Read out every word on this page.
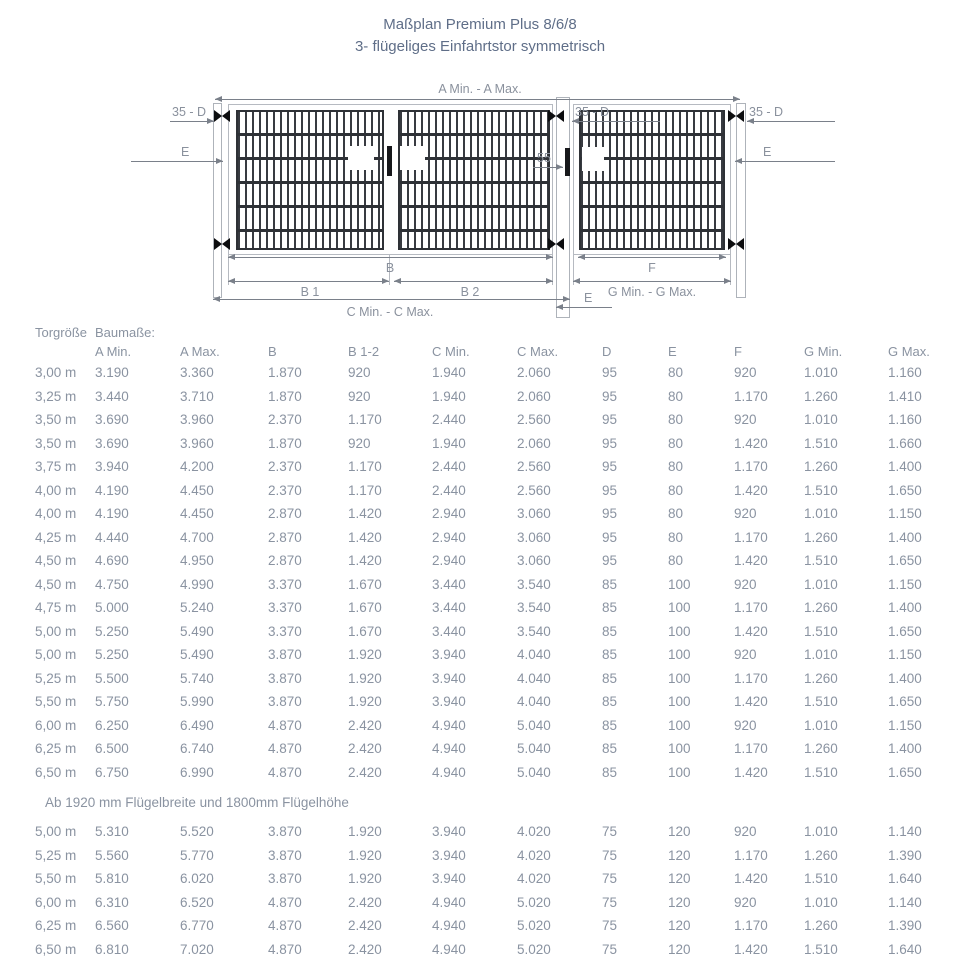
Maßplan Premium Plus 8/6/8
3- flügeliges Einfahrtstor symmetrisch
A Min. - A Max.
35 - D	35 - D	35 - D
E	E
55
B
B 1	B 2
F
G Min. - G Max.
C Min. - C Max.
E
Torgröße	Baumaße:										
	A Min.	A Max.	B	B 1-2	C Min.	C Max.	D	E	F	G Min.	G Max.
3,00 m	3.190	3.360	1.870	920	1.940	2.060	95	80	920	1.010	1.160
3,25 m	3.440	3.710	1.870	920	1.940	2.060	95	80	1.170	1.260	1.410
3,50 m	3.690	3.960	2.370	1.170	2.440	2.560	95	80	920	1.010	1.160
3,50 m	3.690	3.960	1.870	920	1.940	2.060	95	80	1.420	1.510	1.660
3,75 m	3.940	4.200	2.370	1.170	2.440	2.560	95	80	1.170	1.260	1.400
4,00 m	4.190	4.450	2.370	1.170	2.440	2.560	95	80	1.420	1.510	1.650
4,00 m	4.190	4.450	2.870	1.420	2.940	3.060	95	80	920	1.010	1.150
4,25 m	4.440	4.700	2.870	1.420	2.940	3.060	95	80	1.170	1.260	1.400
4,50 m	4.690	4.950	2.870	1.420	2.940	3.060	95	80	1.420	1.510	1.650
4,50 m	4.750	4.990	3.370	1.670	3.440	3.540	85	100	920	1.010	1.150
4,75 m	5.000	5.240	3.370	1.670	3.440	3.540	85	100	1.170	1.260	1.400
5,00 m	5.250	5.490	3.370	1.670	3.440	3.540	85	100	1.420	1.510	1.650
5,00 m	5.250	5.490	3.870	1.920	3.940	4.040	85	100	920	1.010	1.150
5,25 m	5.500	5.740	3.870	1.920	3.940	4.040	85	100	1.170	1.260	1.400
5,50 m	5.750	5.990	3.870	1.920	3.940	4.040	85	100	1.420	1.510	1.650
6,00 m	6.250	6.490	4.870	2.420	4.940	5.040	85	100	920	1.010	1.150
6,25 m	6.500	6.740	4.870	2.420	4.940	5.040	85	100	1.170	1.260	1.400
6,50 m	6.750	6.990	4.870	2.420	4.940	5.040	85	100	1.420	1.510	1.650
Ab 1920 mm Flügelbreite und 1800mm Flügelhöhe											
5,00 m	5.310	5.520	3.870	1.920	3.940	4.020	75	120	920	1.010	1.140
5,25 m	5.560	5.770	3.870	1.920	3.940	4.020	75	120	1.170	1.260	1.390
5,50 m	5.810	6.020	3.870	1.920	3.940	4.020	75	120	1.420	1.510	1.640
6,00 m	6.310	6.520	4.870	2.420	4.940	5.020	75	120	920	1.010	1.140
6,25 m	6.560	6.770	4.870	2.420	4.940	5.020	75	120	1.170	1.260	1.390
6,50 m	6.810	7.020	4.870	2.420	4.940	5.020	75	120	1.420	1.510	1.640
